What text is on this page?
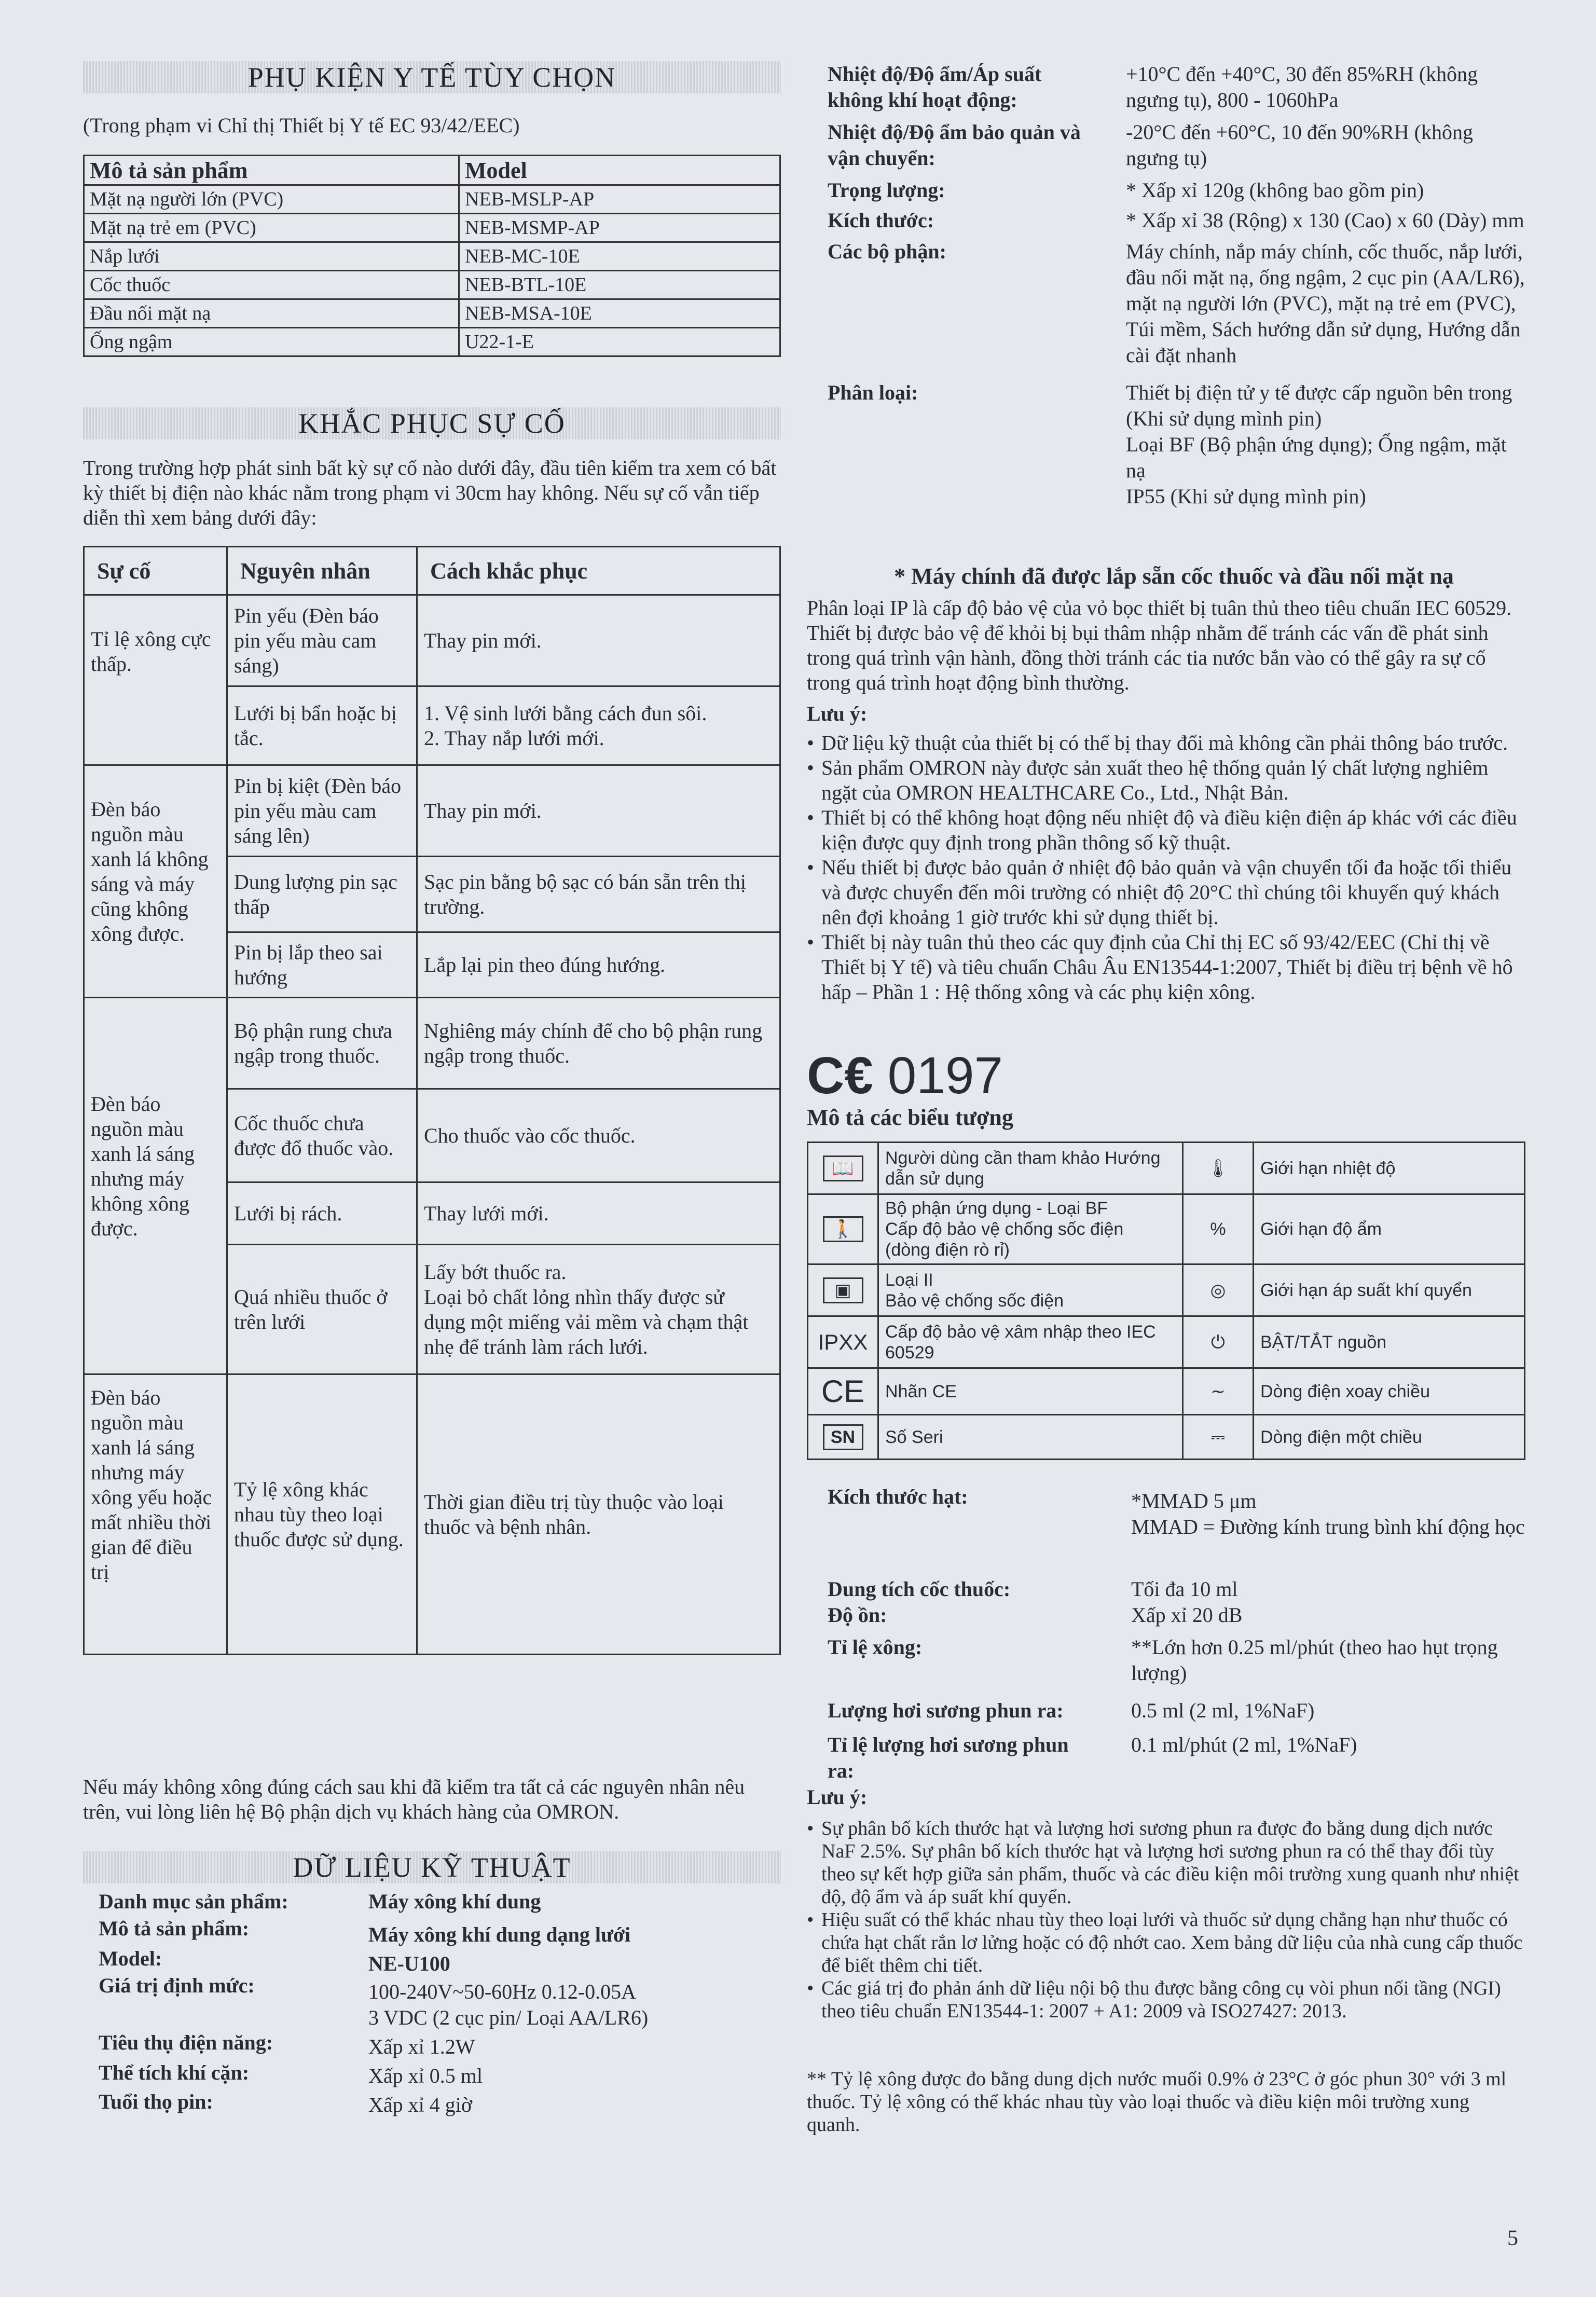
PHỤ KIỆN Y TẾ TÙY CHỌN
(Trong phạm vi Chỉ thị Thiết bị Y tế EC 93/42/EEC)
Mô tả sản phẩm	Model
Mặt nạ người lớn (PVC)	NEB-MSLP-AP
Mặt nạ trẻ em (PVC)	NEB-MSMP-AP
Nắp lưới	NEB-MC-10E
Cốc thuốc	NEB-BTL-10E
Đầu nối mặt nạ	NEB-MSA-10E
Ống ngậm	U22-1-E
KHẮC PHỤC SỰ CỐ
Trong trường hợp phát sinh bất kỳ sự cố nào dưới đây, đầu tiên kiểm tra xem có bất kỳ thiết bị điện nào khác nằm trong phạm vi 30cm hay không. Nếu sự cố vẫn tiếp diễn thì xem bảng dưới đây:
Sự cố	Nguyên nhân	Cách khắc phục
Tỉ lệ xông cực thấp.	Pin yếu (Đèn báo pin yếu màu cam sáng)	Thay pin mới.
	Lưới bị bẩn hoặc bị tắc.	1. Vệ sinh lưới bằng cách đun sôi.
2. Thay nắp lưới mới.
Đèn báo nguồn màu xanh lá không sáng và máy cũng không xông được.	Pin bị kiệt (Đèn báo pin yếu màu cam sáng lên)	Thay pin mới.
	Dung lượng pin sạc thấp	Sạc pin bằng bộ sạc có bán sẵn trên thị trường.
	Pin bị lắp theo sai hướng	Lắp lại pin theo đúng hướng.
Đèn báo nguồn màu xanh lá sáng nhưng máy không xông được.	Bộ phận rung chưa ngập trong thuốc.	Nghiêng máy chính để cho bộ phận rung ngập trong thuốc.
	Cốc thuốc chưa được đổ thuốc vào.	Cho thuốc vào cốc thuốc.
	Lưới bị rách.	Thay lưới mới.
	Quá nhiều thuốc ở trên lưới	Lấy bớt thuốc ra.
Loại bỏ chất lỏng nhìn thấy được sử dụng một miếng vải mềm và chạm thật nhẹ để tránh làm rách lưới.
Đèn báo nguồn màu xanh lá sáng nhưng máy xông yếu hoặc mất nhiều thời gian để điều trị	Tỷ lệ xông khác nhau tùy theo loại thuốc được sử dụng.	Thời gian điều trị tùy thuộc vào loại thuốc và bệnh nhân.
Nếu máy không xông đúng cách sau khi đã kiểm tra tất cả các nguyên nhân nêu trên, vui lòng liên hệ Bộ phận dịch vụ khách hàng của OMRON.
DỮ LIỆU KỸ THUẬT
Danh mục sản phẩm:	Máy xông khí dung
Mô tả sản phẩm:	Máy xông khí dung dạng lưới
Model:	NE-U100
Giá trị định mức:	100-240V~50-60Hz 0.12-0.05A
3 VDC (2 cục pin/ Loại AA/LR6)
Tiêu thụ điện năng:	Xấp xỉ 1.2W
Thể tích khí cặn:	Xấp xỉ 0.5 ml
Tuổi thọ pin:	Xấp xỉ 4 giờ
Nhiệt độ/Độ ẩm/Áp suất không khí hoạt động:
+10°C đến +40°C, 30 đến 85%RH (không ngưng tụ), 800 - 1060hPa
Nhiệt độ/Độ ẩm bảo quản và vận chuyển:
-20°C đến +60°C, 10 đến 90%RH (không ngưng tụ)
Trọng lượng:	* Xấp xỉ 120g (không bao gồm pin)
Kích thước:	* Xấp xỉ 38 (Rộng) x 130 (Cao) x 60 (Dày) mm
Các bộ phận:	Máy chính, nắp máy chính, cốc thuốc, nắp lưới, đầu nối mặt nạ, ống ngậm, 2 cục pin (AA/LR6), mặt nạ người lớn (PVC), mặt nạ trẻ em (PVC), Túi mềm, Sách hướng dẫn sử dụng, Hướng dẫn cài đặt nhanh
Phân loại:	Thiết bị điện tử y tế được cấp nguồn bên trong (Khi sử dụng mình pin)
Loại BF (Bộ phận ứng dụng); Ống ngậm, mặt nạ
IP55 (Khi sử dụng mình pin)
* Máy chính đã được lắp sẵn cốc thuốc và đầu nối mặt nạ
Phân loại IP là cấp độ bảo vệ của vỏ bọc thiết bị tuân thủ theo tiêu chuẩn IEC 60529. Thiết bị được bảo vệ để khỏi bị bụi thâm nhập nhằm để tránh các vấn đề phát sinh trong quá trình vận hành, đồng thời tránh các tia nước bắn vào có thể gây ra sự cố trong quá trình hoạt động bình thường.
Lưu ý:
• Dữ liệu kỹ thuật của thiết bị có thể bị thay đổi mà không cần phải thông báo trước.
• Sản phẩm OMRON này được sản xuất theo hệ thống quản lý chất lượng nghiêm ngặt của OMRON HEALTHCARE Co., Ltd., Nhật Bản.
• Thiết bị có thể không hoạt động nếu nhiệt độ và điều kiện điện áp khác với các điều kiện được quy định trong phần thông số kỹ thuật.
• Nếu thiết bị được bảo quản ở nhiệt độ bảo quản và vận chuyển tối đa hoặc tối thiểu và được chuyển đến môi trường có nhiệt độ 20°C thì chúng tôi khuyến quý khách nên đợi khoảng 1 giờ trước khi sử dụng thiết bị.
• Thiết bị này tuân thủ theo các quy định của Chỉ thị EC số 93/42/EEC (Chỉ thị về Thiết bị Y tế) và tiêu chuẩn Châu Âu EN13544-1:2007, Thiết bị điều trị bệnh về hô hấp – Phần 1 : Hệ thống xông và các phụ kiện xông.
C€ 0197
Mô tả các biểu tượng
📖	Người dùng cần tham khảo Hướng dẫn sử dụng	🌡	Giới hạn nhiệt độ
🚶	Bộ phận ứng dụng - Loại BF
Cấp độ bảo vệ chống sốc điện
(dòng điện rò rỉ)	%	Giới hạn độ ẩm
▣	Loại II
Bảo vệ chống sốc điện	◎	Giới hạn áp suất khí quyển
IPXX	Cấp độ bảo vệ xâm nhập theo IEC 60529	⏻	BẬT/TẮT nguồn
CE	Nhãn CE	∼	Dòng điện xoay chiều
SN	Số Seri	⎓	Dòng điện một chiều
Kích thước hạt:	*MMAD 5 μm
MMAD = Đường kính trung bình khí động học
Dung tích cốc thuốc:	Tối đa 10 ml
Độ ồn:	Xấp xỉ 20 dB
Tỉ lệ xông:	**Lớn hơn 0.25 ml/phút (theo hao hụt trọng lượng)
Lượng hơi sương phun ra:	0.5 ml (2 ml, 1%NaF)
Tỉ lệ lượng hơi sương phun ra:
0.1 ml/phút (2 ml, 1%NaF)
Lưu ý:
• Sự phân bố kích thước hạt và lượng hơi sương phun ra được đo bằng dung dịch nước NaF 2.5%. Sự phân bố kích thước hạt và lượng hơi sương phun ra có thể thay đổi tùy theo sự kết hợp giữa sản phẩm, thuốc và các điều kiện môi trường xung quanh như nhiệt độ, độ ẩm và áp suất khí quyển.
• Hiệu suất có thể khác nhau tùy theo loại lưới và thuốc sử dụng chẳng hạn như thuốc có chứa hạt chất rắn lơ lửng hoặc có độ nhớt cao. Xem bảng dữ liệu của nhà cung cấp thuốc để biết thêm chi tiết.
• Các giá trị đo phản ánh dữ liệu nội bộ thu được bằng công cụ vòi phun nối tầng (NGI) theo tiêu chuẩn EN13544-1: 2007 + A1: 2009 và ISO27427: 2013.
** Tỷ lệ xông được đo bằng dung dịch nước muối 0.9% ở 23°C ở góc phun 30° với 3 ml thuốc. Tỷ lệ xông có thể khác nhau tùy vào loại thuốc và điều kiện môi trường xung quanh.
5
